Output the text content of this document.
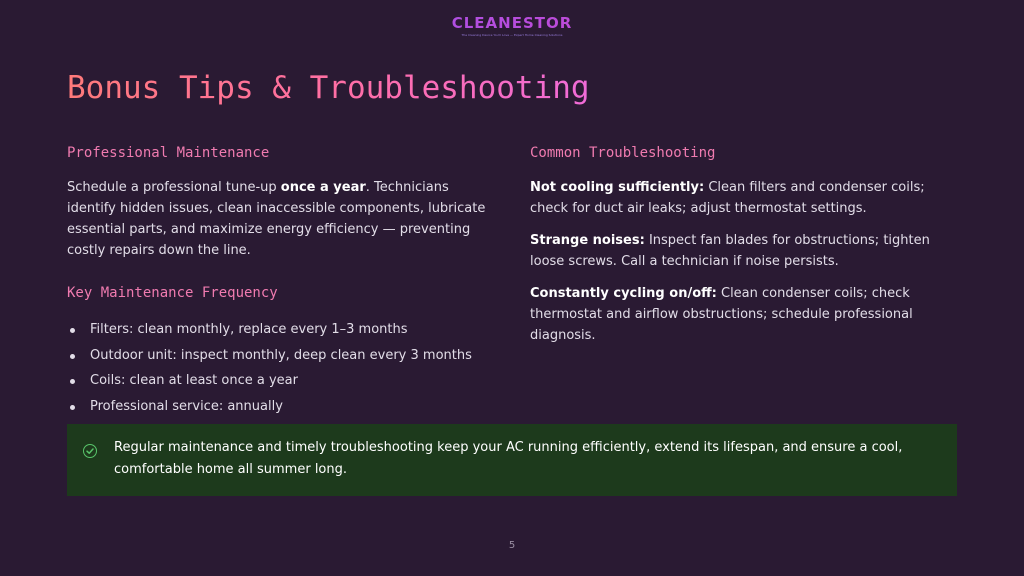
CLEANESTOR
The Cleaning Device You'll Love — Expert Home Cleaning Solutions
Bonus Tips & Troubleshooting
Professional Maintenance

Schedule a professional tune-up once a year. Technicians identify hidden issues, clean inaccessible components, lubricate essential parts, and maximize energy efficiency — preventing costly repairs down the line.

Key Maintenance Frequency
Filters: clean monthly, replace every 1–3 months
Outdoor unit: inspect monthly, deep clean every 3 months
Coils: clean at least once a year
Professional service: annually
Common Troubleshooting

Not cooling sufficiently: Clean filters and condenser coils; check for duct air leaks; adjust thermostat settings.

Strange noises: Inspect fan blades for obstructions; tighten loose screws. Call a technician if noise persists.

Constantly cycling on/off: Clean condenser coils; check thermostat and airflow obstructions; schedule professional diagnosis.

Regular maintenance and timely troubleshooting keep your AC running efficiently, extend its lifespan, and ensure a cool, comfortable home all summer long.

5
